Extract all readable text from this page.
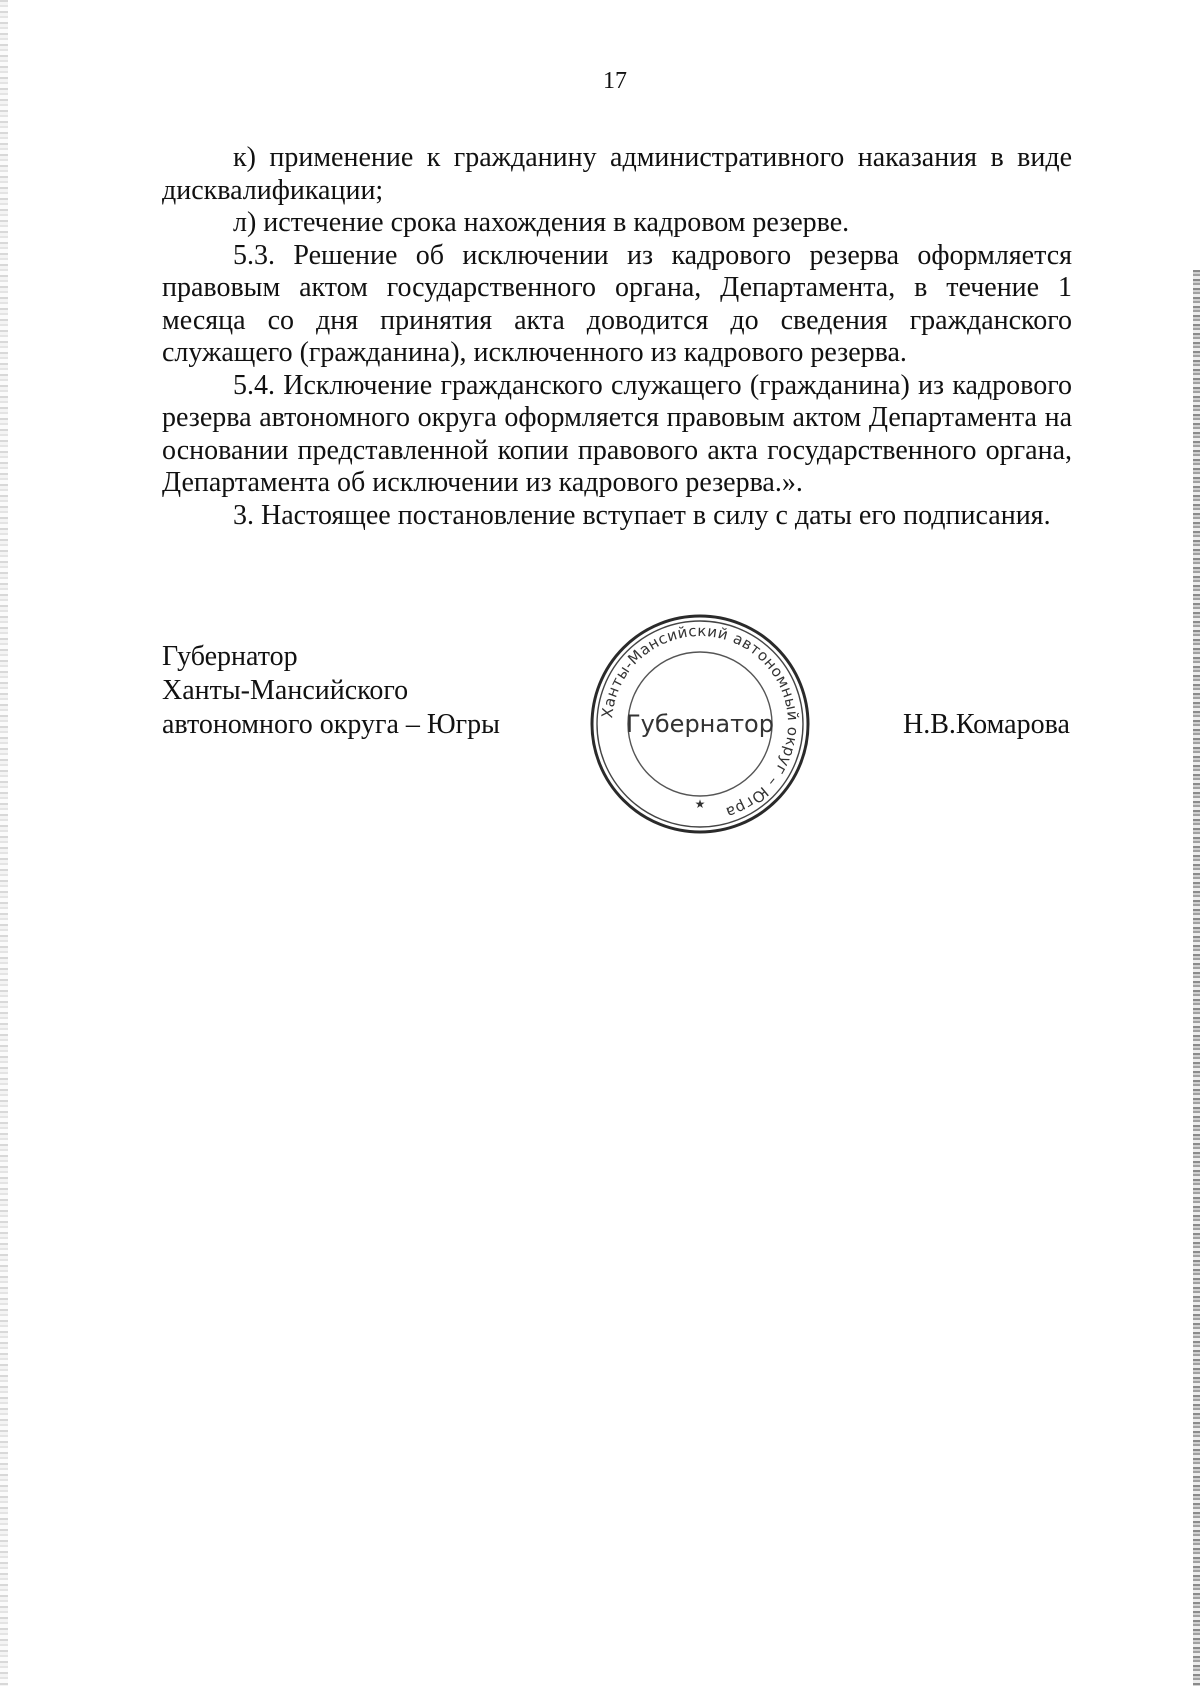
17

к) применение к гражданину административного наказания в виде дисквалификации;

л) истечение срока нахождения в кадровом резерве.

5.3. Решение об исключении из кадрового резерва оформляется правовым актом государственного органа, Департамента, в течение 1 месяца со дня принятия акта доводится до сведения гражданского служащего (гражданина), исключенного из кадрового резерва.

5.4. Исключение гражданского служащего (гражданина) из кадрового резерва автономного округа оформляется правовым актом Департамента на основании представленной копии правового акта государственного органа, Департамента об исключении из кадрового резерва.».

3. Настоящее постановление вступает в силу с даты его подписания.

Губернатор
Ханты-Мансийского
автономного округа – Югры	Ханты-Мансийский автономный округ – Югра
Губернатор
★
Н.В.Комарова
